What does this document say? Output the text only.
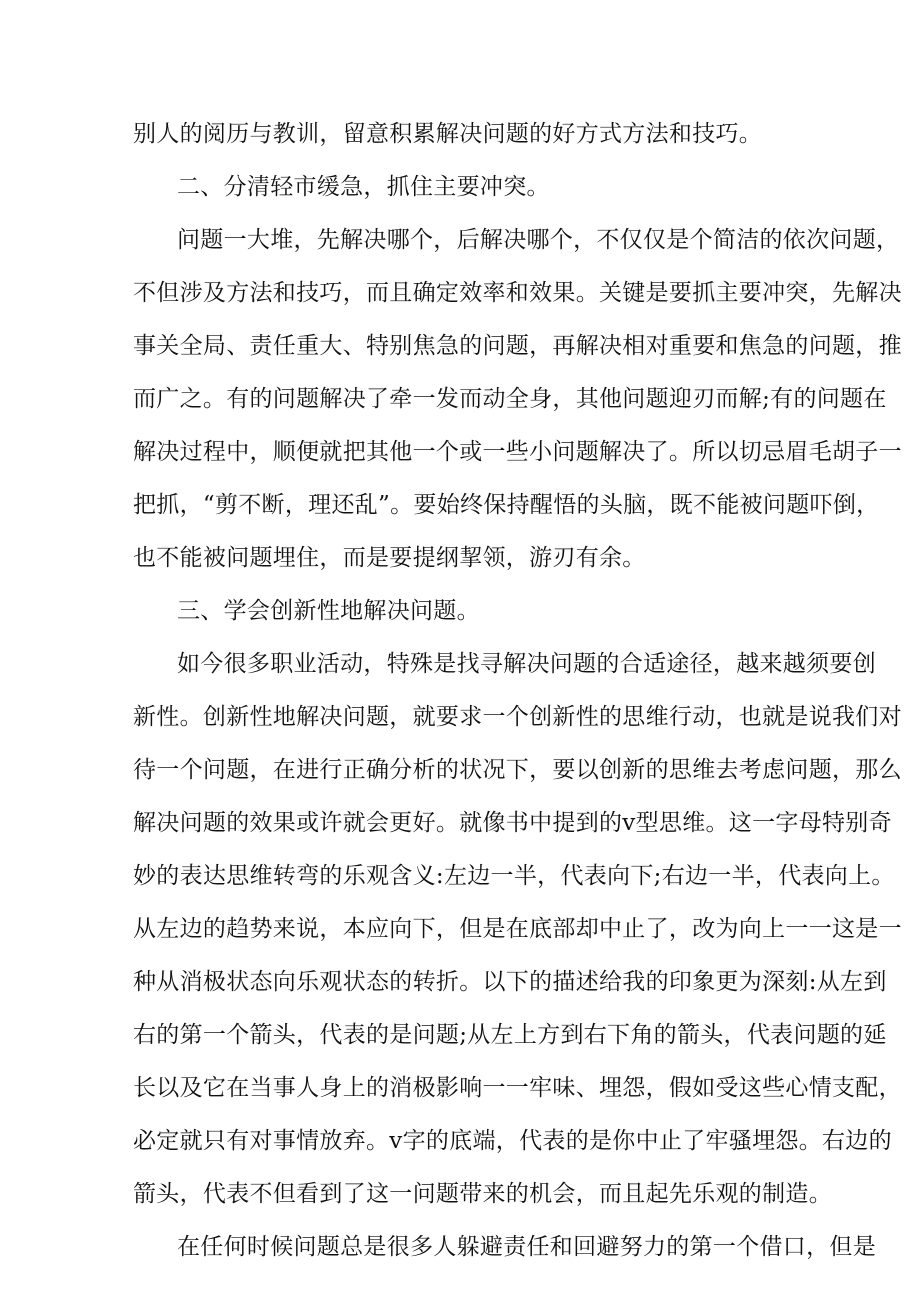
别人的阅历与教训，留意积累解决问题的好方式方法和技巧。
二、分清轻市缓急，抓住主要冲突。
问题一大堆，先解决哪个，后解决哪个，不仅仅是个简洁的依次问题，
不但涉及方法和技巧，而且确定效率和效果。关键是要抓主要冲突，先解决
事关全局、责任重大、特别焦急的问题，再解决相对重要和焦急的问题，推
而广之。有的问题解决了牵一发而动全身，其他问题迎刃而解;有的问题在
解决过程中，顺便就把其他一个或一些小问题解决了。所以切忌眉毛胡子一
把抓，“剪不断，理还乱”。要始终保持醒悟的头脑，既不能被问题吓倒，
也不能被问题埋住，而是要提纲挈领，游刃有余。
三、学会创新性地解决问题。
如今很多职业活动，特殊是找寻解决问题的合适途径，越来越须要创
新性。创新性地解决问题，就要求一个创新性的思维行动，也就是说我们对
待一个问题，在进行正确分析的状况下，要以创新的思维去考虑问题，那么
解决问题的效果或许就会更好。就像书中提到的v型思维。这一字母特别奇
妙的表达思维转弯的乐观含义:左边一半，代表向下;右边一半，代表向上。
从左边的趋势来说，本应向下，但是在底部却中止了，改为向上一一这是一
种从消极状态向乐观状态的转折。以下的描述给我的印象更为深刻:从左到
右的第一个箭头，代表的是问题;从左上方到右下角的箭头，代表问题的延
长以及它在当事人身上的消极影响一一牢味、埋怨，假如受这些心情支配，
必定就只有对事情放弃。v字的底端，代表的是你中止了牢骚埋怨。右边的
箭头，代表不但看到了这一问题带来的机会，而且起先乐观的制造。
在任何时候问题总是很多人躲避责任和回避努力的第一个借口，但是
